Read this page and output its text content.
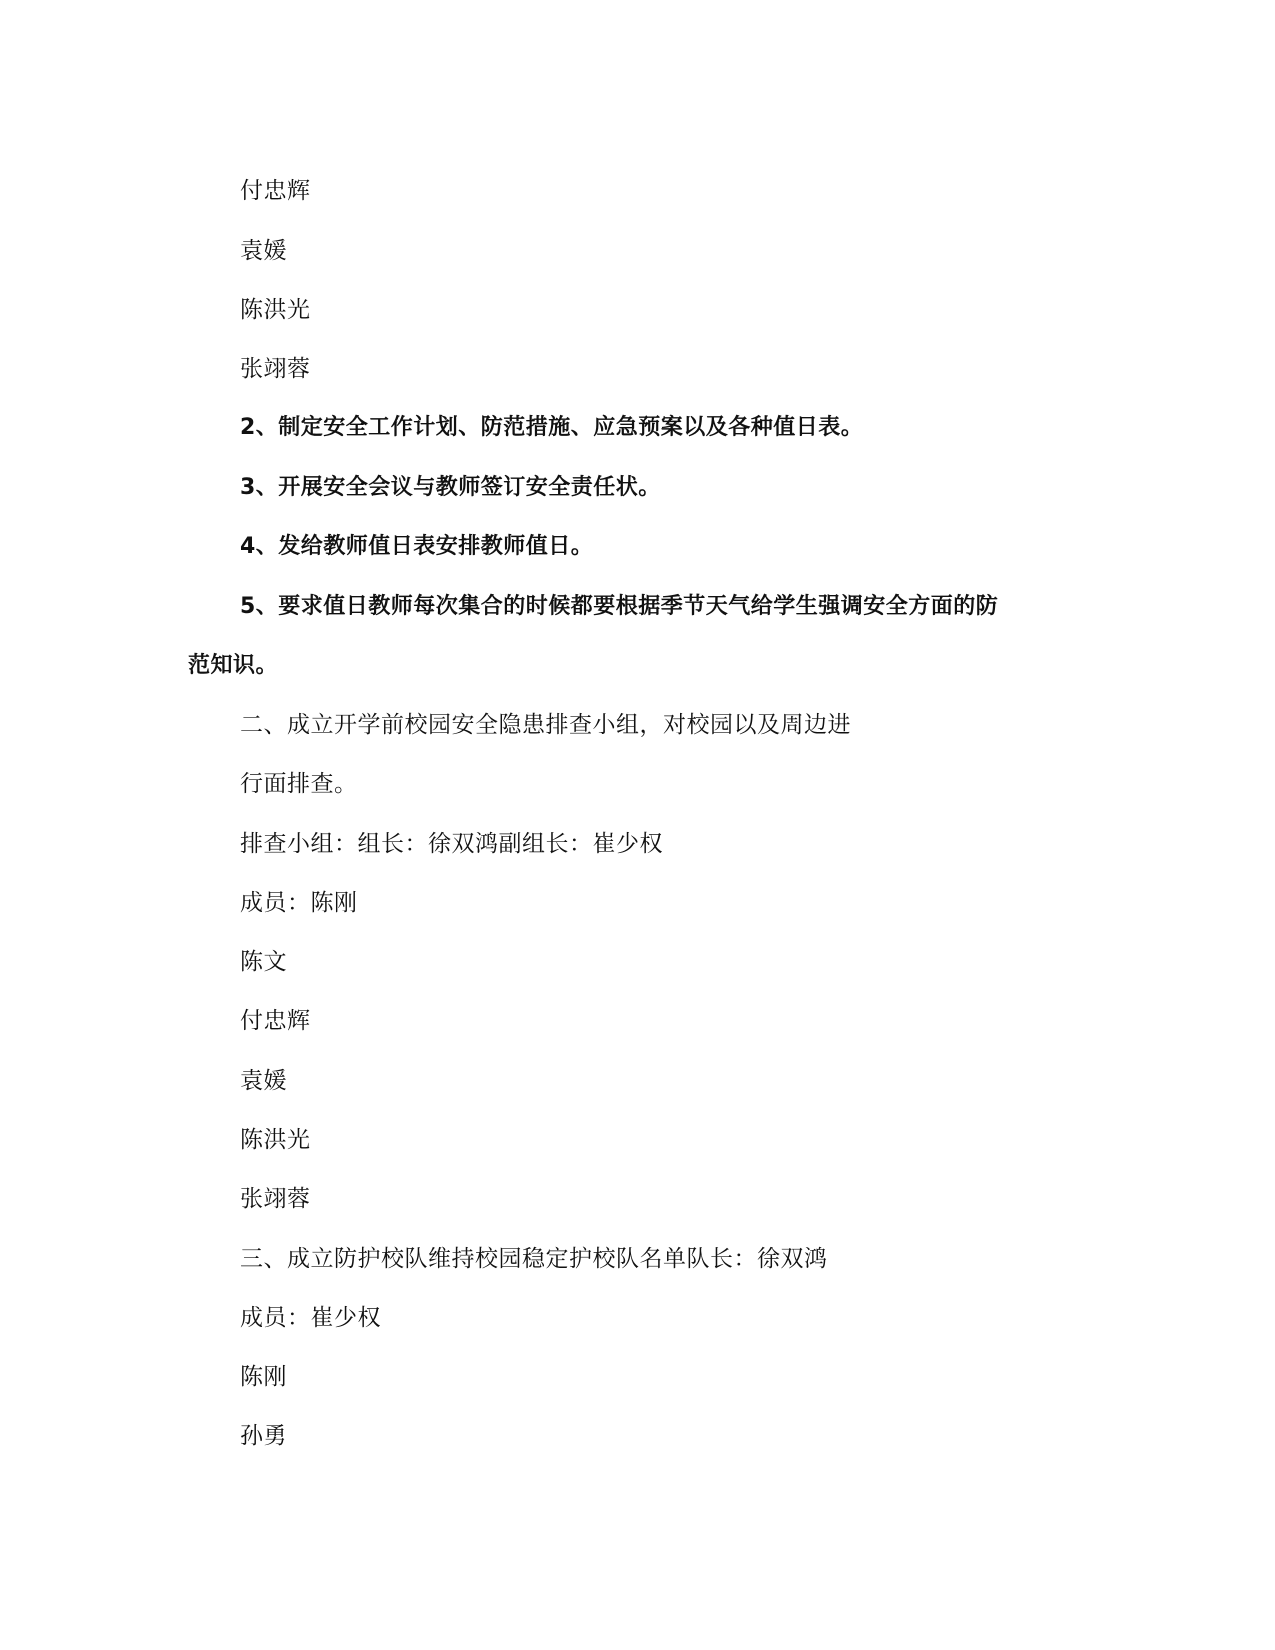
付忠辉
袁媛
陈洪光
张翊蓉
2、制定安全工作计划、防范措施、应急预案以及各种值日表。
3、开展安全会议与教师签订安全责任状。
4、发给教师值日表安排教师值日。
5、要求值日教师每次集合的时候都要根据季节天气给学生强调安全方面的防
范知识。
二、成立开学前校园安全隐患排查小组，对校园以及周边进
行面排查。
排查小组：组长：徐双鸿副组长：崔少权
成员：陈刚
陈文
付忠辉
袁媛
陈洪光
张翊蓉
三、成立防护校队维持校园稳定护校队名单队长：徐双鸿
成员：崔少权
陈刚
孙勇
